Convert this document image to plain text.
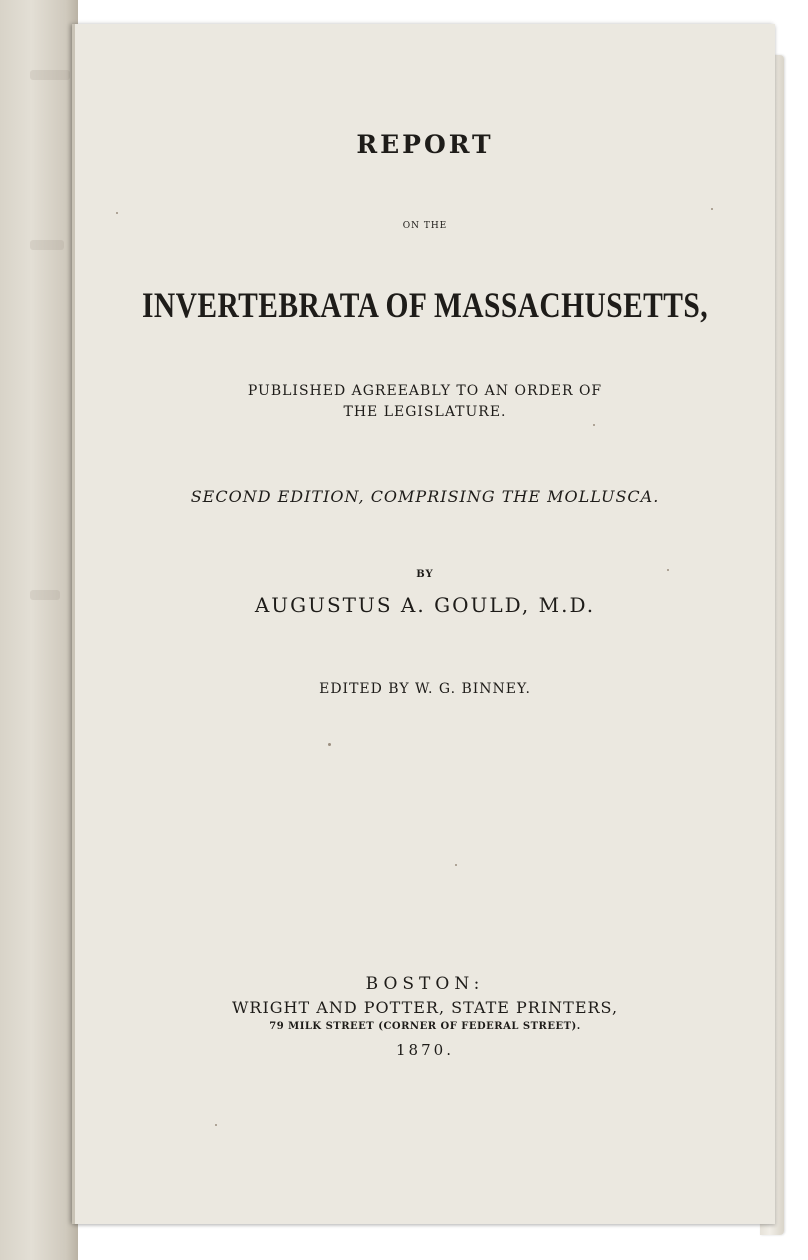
REPORT
ON THE
INVERTEBRATA OF MASSACHUSETTS,
PUBLISHED AGREEABLY TO AN ORDER OF
THE LEGISLATURE.
SECOND EDITION, COMPRISING THE MOLLUSCA.
BY
AUGUSTUS A. GOULD, M.D.
EDITED BY W. G. BINNEY.
BOSTON:
WRIGHT AND POTTER, STATE PRINTERS,
79 MILK STREET (CORNER OF FEDERAL STREET).
1870.
